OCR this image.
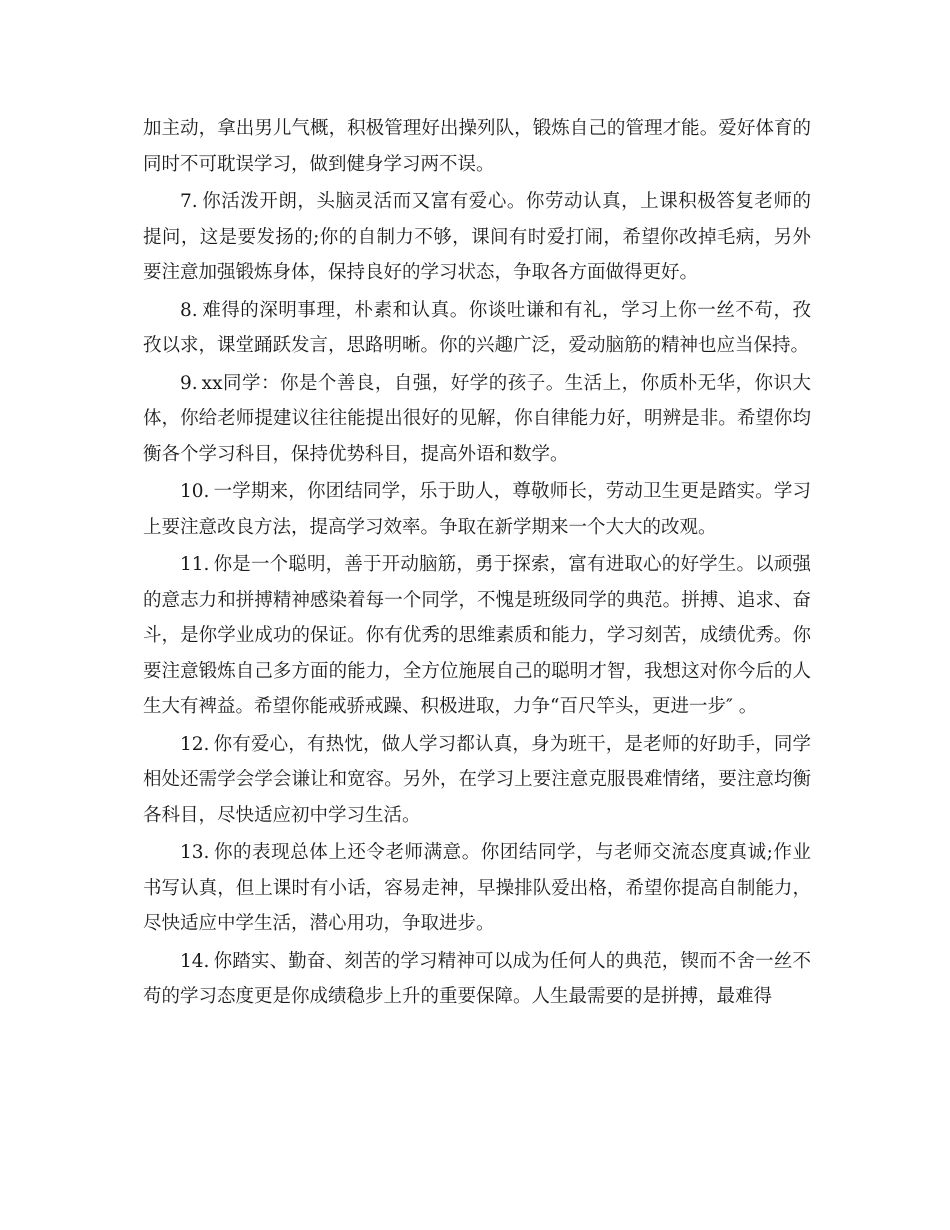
加主动，拿出男儿气概，积极管理好出操列队，锻炼自己的管理才能。爱好体育的同时不可耽误学习，做到健身学习两不误。

7. 你活泼开朗，头脑灵活而又富有爱心。你劳动认真，上课积极答复老师的提问，这是要发扬的;你的自制力不够，课间有时爱打闹，希望你改掉毛病，另外要注意加强锻炼身体，保持良好的学习状态，争取各方面做得更好。

8. 难得的深明事理，朴素和认真。你谈吐谦和有礼，学习上你一丝不苟，孜孜以求，课堂踊跃发言，思路明晰。你的兴趣广泛，爱动脑筋的精神也应当保持。

9. xx同学：你是个善良，自强，好学的孩子。生活上，你质朴无华，你识大体，你给老师提建议往往能提出很好的见解，你自律能力好，明辨是非。希望你均衡各个学习科目，保持优势科目，提高外语和数学。

10. 一学期来，你团结同学，乐于助人，尊敬师长，劳动卫生更是踏实。学习上要注意改良方法，提高学习效率。争取在新学期来一个大大的改观。

11. 你是一个聪明，善于开动脑筋，勇于探索，富有进取心的好学生。以顽强的意志力和拼搏精神感染着每一个同学，不愧是班级同学的典范。拼搏、追求、奋斗，是你学业成功的保证。你有优秀的思维素质和能力，学习刻苦，成绩优秀。你要注意锻炼自己多方面的能力，全方位施展自己的聪明才智，我想这对你今后的人生大有裨益。希望你能戒骄戒躁、积极进取，力争“百尺竿头，更进一步″ 。

12. 你有爱心，有热忱，做人学习都认真，身为班干，是老师的好助手，同学相处还需学会学会谦让和宽容。另外，在学习上要注意克服畏难情绪，要注意均衡各科目，尽快适应初中学习生活。

13. 你的表现总体上还令老师满意。你团结同学，与老师交流态度真诚;作业书写认真，但上课时有小话，容易走神，早操排队爱出格，希望你提高自制能力，尽快适应中学生活，潜心用功，争取进步。

14. 你踏实、勤奋、刻苦的学习精神可以成为任何人的典范，锲而不舍一丝不苟的学习态度更是你成绩稳步上升的重要保障。人生最需要的是拼搏，最难得
